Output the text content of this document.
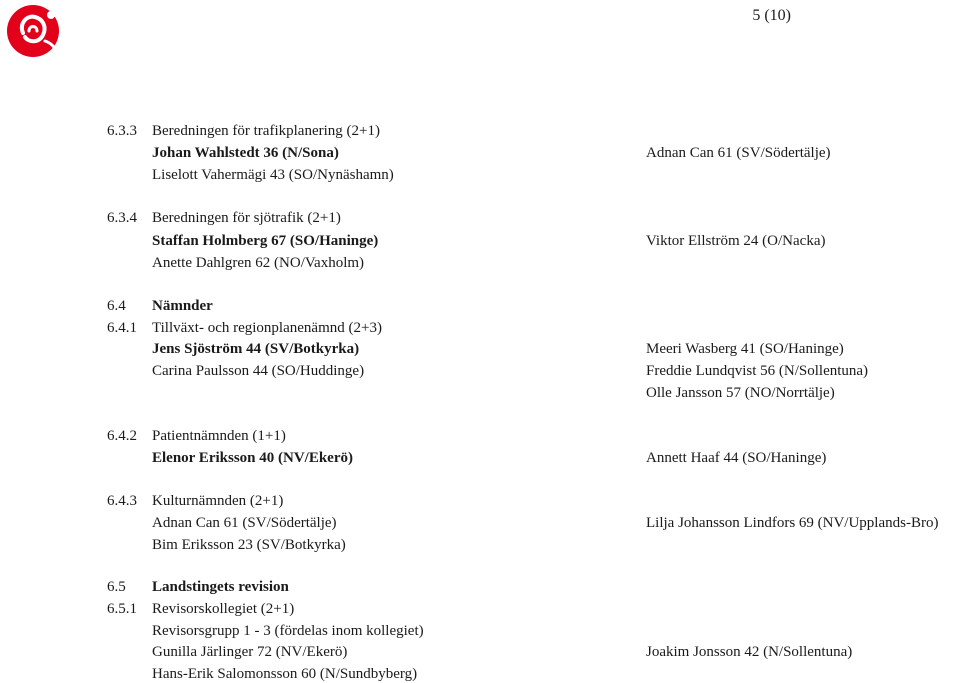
5 (10)
6.3.3 Beredningen för trafikplanering (2+1)
Johan Wahlstedt 36 (N/Sona)
Liselott Vahermägi 43 (SO/Nynäshamn)
Adnan Can 61 (SV/Södertälje)
6.3.4 Beredningen för sjötrafik (2+1)
Staffan Holmberg 67 (SO/Haninge)
Anette Dahlgren 62 (NO/Vaxholm)
Viktor Ellström 24 (O/Nacka)
6.4 Nämnder
6.4.1 Tillväxt- och regionplanenämnd (2+3)
Jens Sjöström 44 (SV/Botkyrka)
Carina Paulsson 44 (SO/Huddinge)
Meeri Wasberg 41 (SO/Haninge)
Freddie Lundqvist 56 (N/Sollentuna)
Olle Jansson 57 (NO/Norrtälje)
6.4.2 Patientnämnden (1+1)
Elenor Eriksson 40 (NV/Ekerö)	Annett Haaf 44 (SO/Haninge)
6.4.3 Kulturnämnden (2+1)
Adnan Can 61 (SV/Södertälje)
Bim Eriksson 23 (SV/Botkyrka)
Lilja Johansson Lindfors 69 (NV/Upplands-Bro)
6.5 Landstingets revision
6.5.1 Revisorskollegiet (2+1)
Revisorsgrupp 1 - 3 (fördelas inom kollegiet)
Gunilla Järlinger 72 (NV/Ekerö)
Hans-Erik Salomonsson 60 (N/Sundbyberg)
Joakim Jonsson 42 (N/Sollentuna)
